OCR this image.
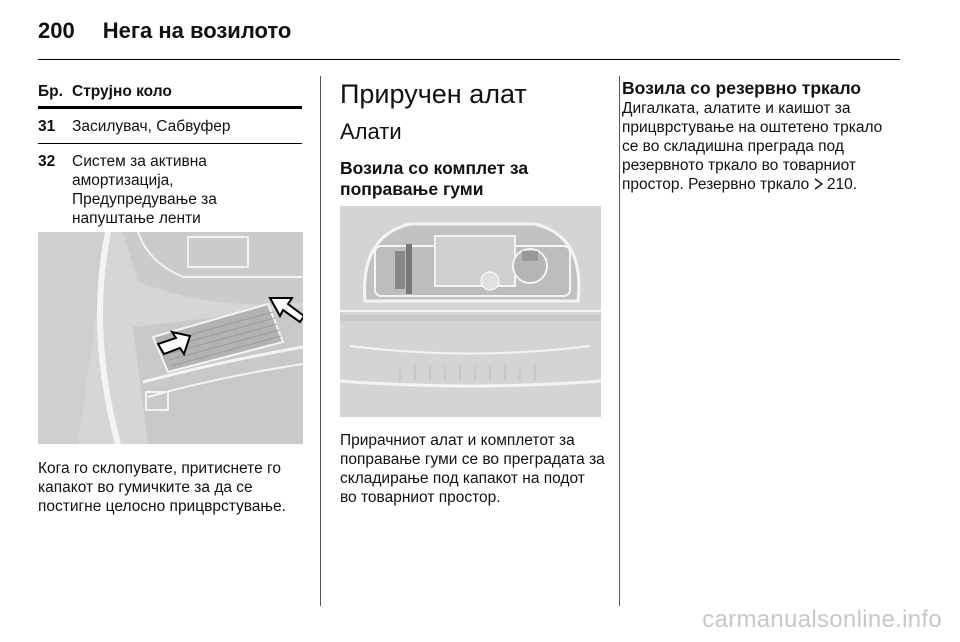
200 Нега на возилото
Бр. Струјно коло
31	Засилувач, Сабвуфер
32	Систем за активна амортизација, Предупредување за напуштање ленти
Кога го склопувате, притиснете го капакот во гумичките за да се постигне целосно прицврстување.
Приручен алат
Алати
Возила со комплет за поправање гуми
Прирачниот алат и комплетот за поправање гуми се во преградата за складирање под капакот на подот во товарниот простор.
Возила со резервно тркало
Дигалката, алатите и каишот за прицврстување на оштетено тркало се во складишна преграда под резервното тркало во товарниот простор. Резервно тркало 210.
carmanualsonline.info
